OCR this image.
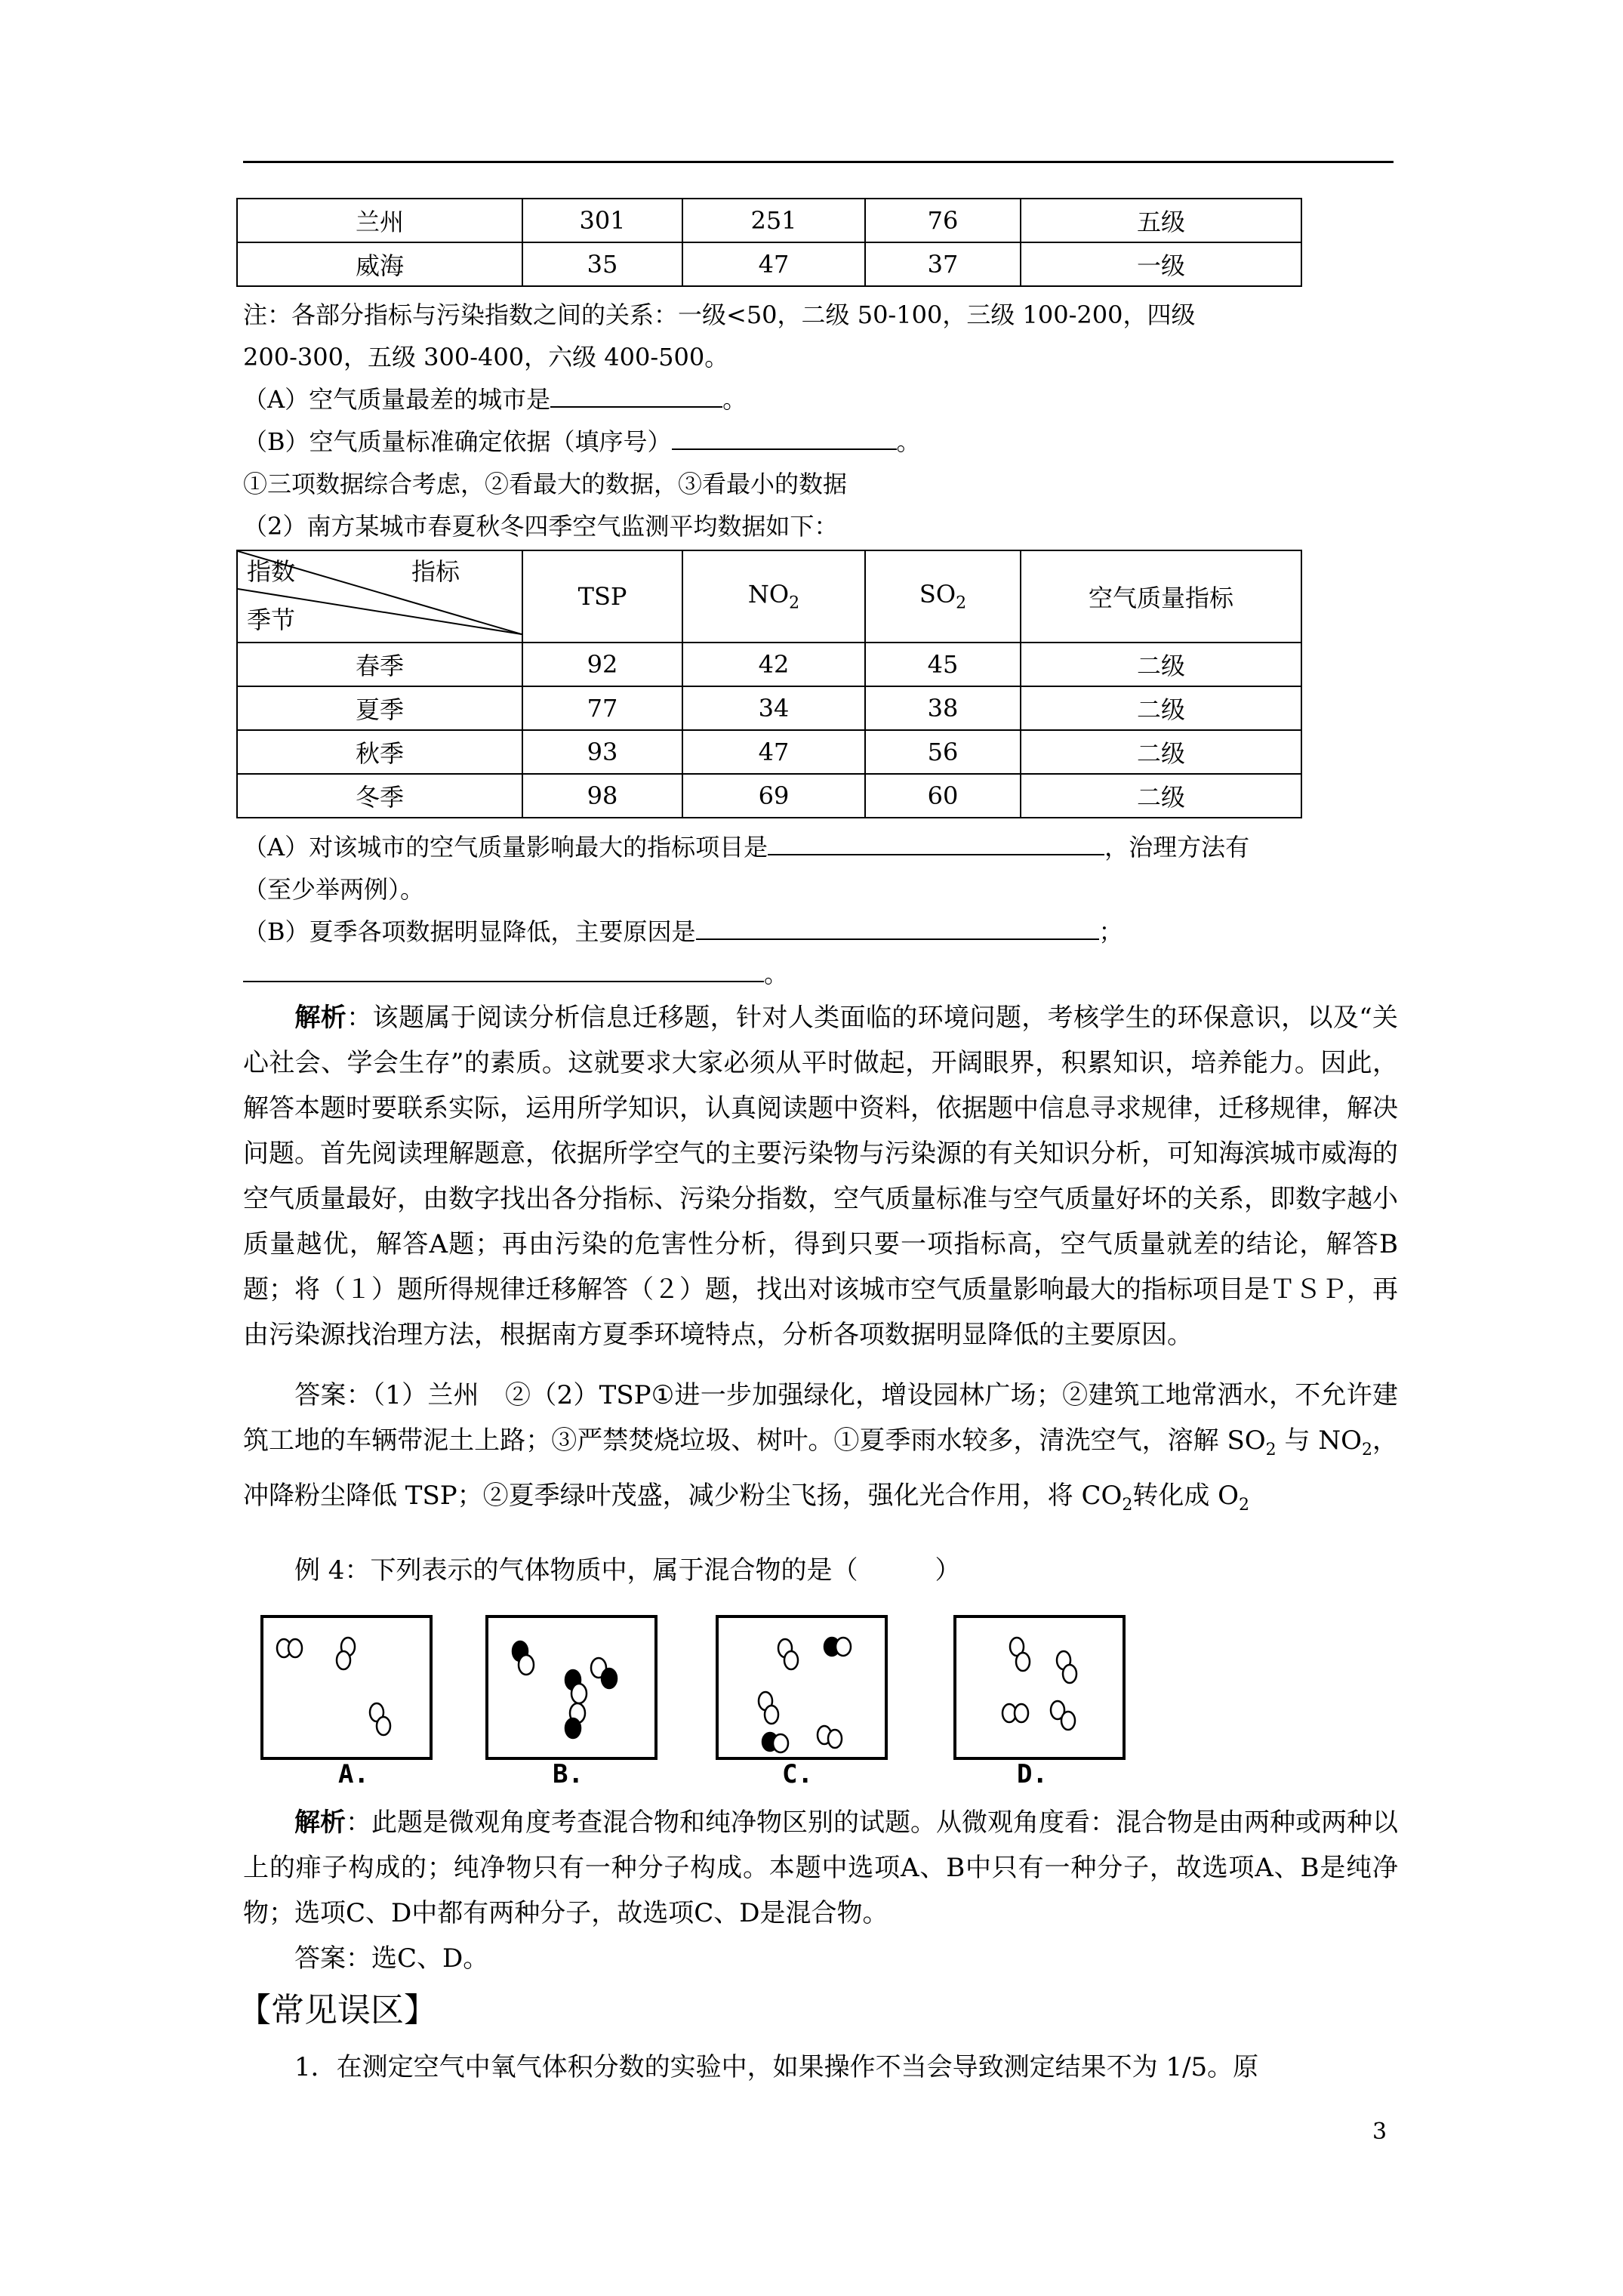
兰州	301	251	76	五级
威海	35	47	37	一级
注：各部分指标与污染指数之间的关系：一级<50，二级 50-100，三级 100-200，四级
200-300，五级 300-400，六级 400-500。
（A）空气质量最差的城市是	。
（B）空气质量标准确定依据（填序号）	。
①三项数据综合考虑，②看最大的数据，③看最小的数据
（2）南方某城市春夏秋冬四季空气监测平均数据如下：
指数 指标
季节	TSP	$NO_2$	$SO_2$	空气质量指标
春季	92	42	45	二级
夏季	77	34	38	二级
秋季	93	47	56	二级
冬季	98	69	60	二级
（A）对该城市的空气质量影响最大的指标项目是	，治理方法有
（至少举两例）。
（B）夏季各项数据明显降低，主要原因是	；
。
解析：该题属于阅读分析信息迁移题，针对人类面临的环境问题，考核学生的环保意识，以及“关心社会、学会生存”的素质。这就要求大家必须从平时做起，开阔眼界，积累知识，培养能力。因此，解答本题时要联系实际，运用所学知识，认真阅读题中资料，依据题中信息寻求规律，迁移规律，解决问题。首先阅读理解题意，依据所学空气的主要污染物与污染源的有关知识分析，可知海滨城市威海的空气质量最好，由数字找出各分指标、污染分指数，空气质量标准与空气质量好坏的关系，即数字越小质量越优，解答A题；再由污染的危害性分析，得到只要一项指标高，空气质量就差的结论，解答B题；将（１）题所得规律迁移解答（２）题，找出对该城市空气质量影响最大的指标项目是ＴＳＰ，再由污染源找治理方法，根据南方夏季环境特点，分析各项数据明显降低的主要原因。
答案：（1）兰州　②（2）TSP①进一步加强绿化，增设园林广场；②建筑工地常洒水，不允许建筑工地的车辆带泥土上路；③严禁焚烧垃圾、树叶。①夏季雨水较多，清洗空气，溶解 $SO_2$ 与 $NO_2$，冲降粉尘降低 TSP；②夏季绿叶茂盛，减少粉尘飞扬，强化光合作用，将 $CO_2$转化成 $O_2$
例 4：下列表示的气体物质中，属于混合物的是（　　　）
A.	B.	C.	D.
解析：此题是微观角度考查混合物和纯净物区别的试题。从微观角度看：混合物是由两种或两种以上的痱子构成的；纯净物只有一种分子构成。本题中选项A、B中只有一种分子，故选项A、B是纯净物；选项C、D中都有两种分子，故选项C、D是混合物。
答案：选C、D。
【常见误区】
1．在测定空气中氧气体积分数的实验中，如果操作不当会导致测定结果不为 1/5。原
3
